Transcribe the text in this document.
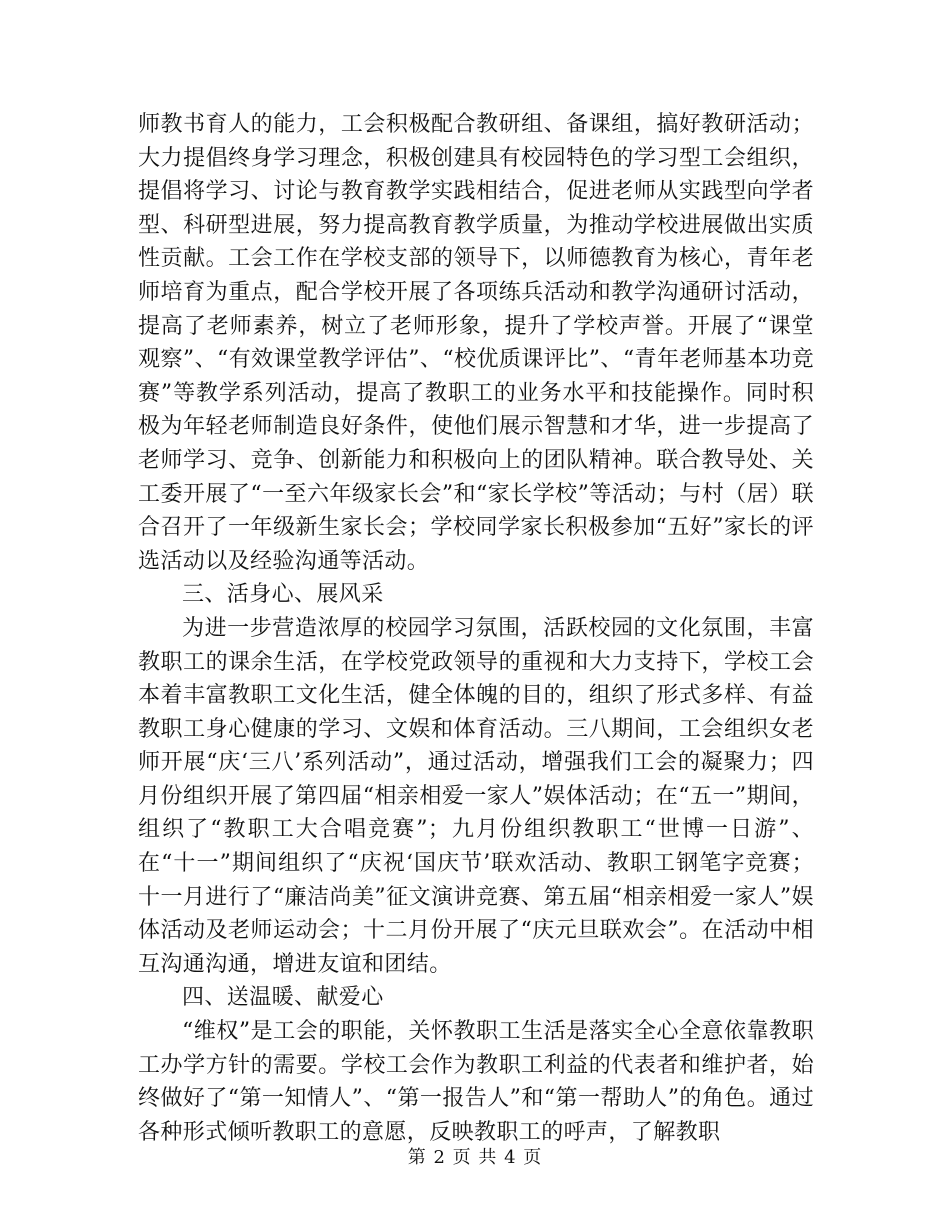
师教书育人的能力，工会积极配合教研组、备课组，搞好教研活动；大力提倡终身学习理念，积极创建具有校园特色的学习型工会组织，提倡将学习、讨论与教育教学实践相结合，促进老师从实践型向学者型、科研型进展，努力提高教育教学质量，为推动学校进展做出实质性贡献。工会工作在学校支部的领导下，以师德教育为核心，青年老师培育为重点，配合学校开展了各项练兵活动和教学沟通研讨活动，提高了老师素养，树立了老师形象，提升了学校声誉。开展了“课堂观察”、“有效课堂教学评估”、“校优质课评比”、“青年老师基本功竞赛”等教学系列活动，提高了教职工的业务水平和技能操作。同时积极为年轻老师制造良好条件，使他们展示智慧和才华，进一步提高了老师学习、竞争、创新能力和积极向上的团队精神。联合教导处、关工委开展了“一至六年级家长会”和“家长学校”等活动；与村（居）联合召开了一年级新生家长会；学校同学家长积极参加“五好”家长的评选活动以及经验沟通等活动。

三、活身心、展风采

为进一步营造浓厚的校园学习氛围，活跃校园的文化氛围，丰富教职工的课余生活，在学校党政领导的重视和大力支持下，学校工会本着丰富教职工文化生活，健全体魄的目的，组织了形式多样、有益教职工身心健康的学习、文娱和体育活动。三八期间，工会组织女老师开展“庆‘三八’系列活动”，通过活动，增强我们工会的凝聚力；四月份组织开展了第四届“相亲相爱一家人”娱体活动；在“五一”期间，组织了“教职工大合唱竞赛”；九月份组织教职工“世博一日游”、在“十一”期间组织了“庆祝‘国庆节’联欢活动、教职工钢笔字竞赛；十一月进行了“廉洁尚美”征文演讲竞赛、第五届“相亲相爱一家人”娱体活动及老师运动会；十二月份开展了“庆元旦联欢会”。在活动中相互沟通沟通，增进友谊和团结。

四、送温暖、献爱心

“维权”是工会的职能，关怀教职工生活是落实全心全意依靠教职工办学方针的需要。学校工会作为教职工利益的代表者和维护者，始终做好了“第一知情人”、“第一报告人”和“第一帮助人”的角色。通过各种形式倾听教职工的意愿，反映教职工的呼声，了解教职

第 2 页 共 4 页
